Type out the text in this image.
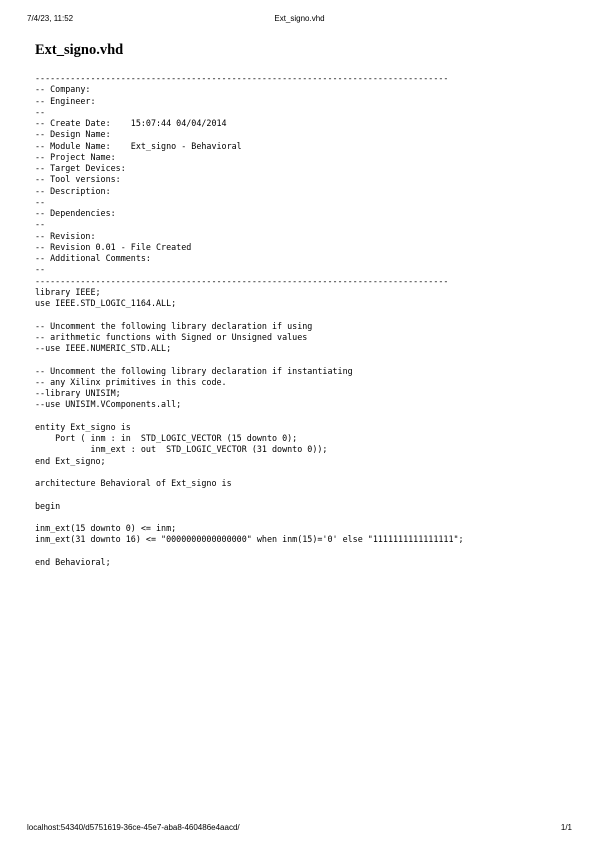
7/4/23, 11:52	Ext_signo.vhd
Ext_signo.vhd
----------------------------------------------------------------------------------
-- Company:
-- Engineer:
--
-- Create Date:    15:07:44 04/04/2014
-- Design Name:
-- Module Name:    Ext_signo - Behavioral
-- Project Name:
-- Target Devices:
-- Tool versions:
-- Description:
--
-- Dependencies:
--
-- Revision:
-- Revision 0.01 - File Created
-- Additional Comments:
--
----------------------------------------------------------------------------------
library IEEE;
use IEEE.STD_LOGIC_1164.ALL;

-- Uncomment the following library declaration if using
-- arithmetic functions with Signed or Unsigned values
--use IEEE.NUMERIC_STD.ALL;

-- Uncomment the following library declaration if instantiating
-- any Xilinx primitives in this code.
--library UNISIM;
--use UNISIM.VComponents.all;

entity Ext_signo is
Port ( inm : in  STD_LOGIC_VECTOR (15 downto 0);
inm_ext : out  STD_LOGIC_VECTOR (31 downto 0));
end Ext_signo;

architecture Behavioral of Ext_signo is

begin

inm_ext(15 downto 0) <= inm;
inm_ext(31 downto 16) <= "0000000000000000" when inm(15)='0' else "1111111111111111";

end Behavioral;

localhost:54340/d5751619-36ce-45e7-aba8-460486e4aacd/	1/1
